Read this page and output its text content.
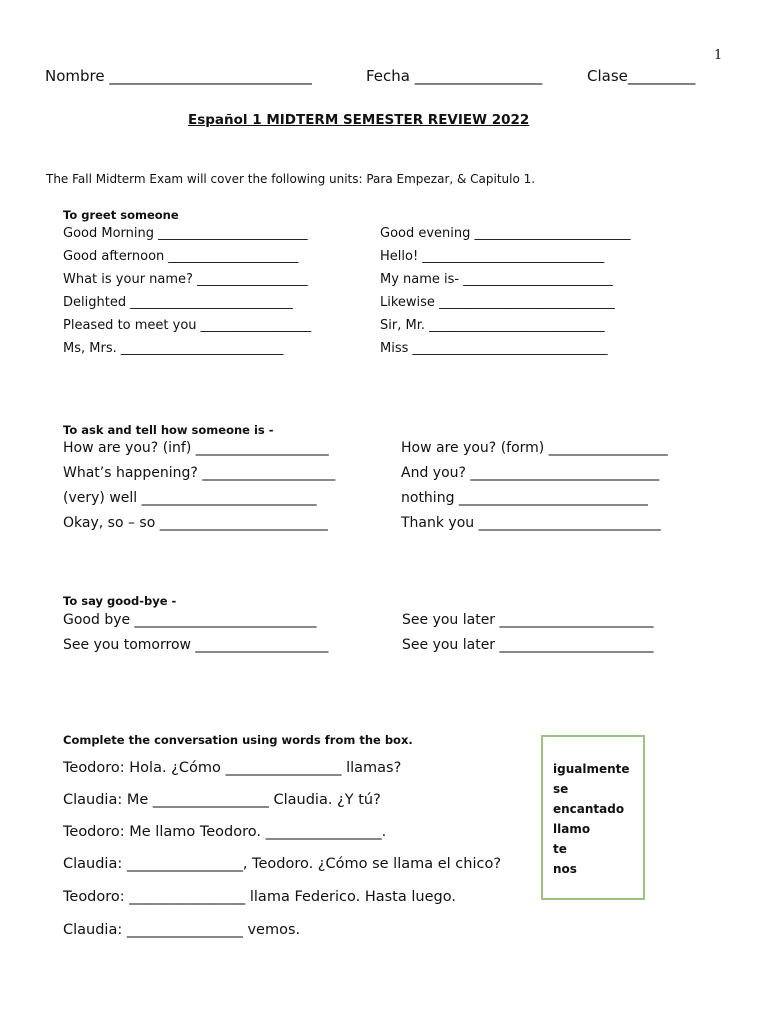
1
Nombre ___________________________	Fecha _________________	Clase_________
Español 1 MIDTERM SEMESTER REVIEW 2022
The Fall Midterm Exam will cover the following units: Para Empezar, & Capitulo 1.
To greet someone
Good Morning _______________________
Good afternoon ____________________
What is your name? _________________
Delighted _________________________
Pleased to meet you _________________
Ms, Mrs. _________________________
Good evening ________________________
Hello! ____________________________
My name is- _______________________
Likewise ___________________________
Sir, Mr. ___________________________
Miss ______________________________
To ask and tell how someone is -
How are you? (inf) ___________________
What’s happening? ___________________
(very) well _________________________
Okay, so – so ________________________
How are you? (form) _________________
And you? ___________________________
nothing ___________________________
Thank you __________________________
To say good-bye -
Good bye __________________________
See you tomorrow ___________________
See you later ______________________
See you later ______________________
Complete the conversation using words from the box.
Teodoro: Hola. ¿Cómo ________________ llamas?
Claudia: Me ________________ Claudia. ¿Y tú?
Teodoro: Me llamo Teodoro. ________________.
Claudia: ________________, Teodoro. ¿Cómo se llama el chico?
Teodoro: ________________ llama Federico. Hasta luego.
Claudia: ________________ vemos.
igualmente
se
encantado
llamo
te
nos
